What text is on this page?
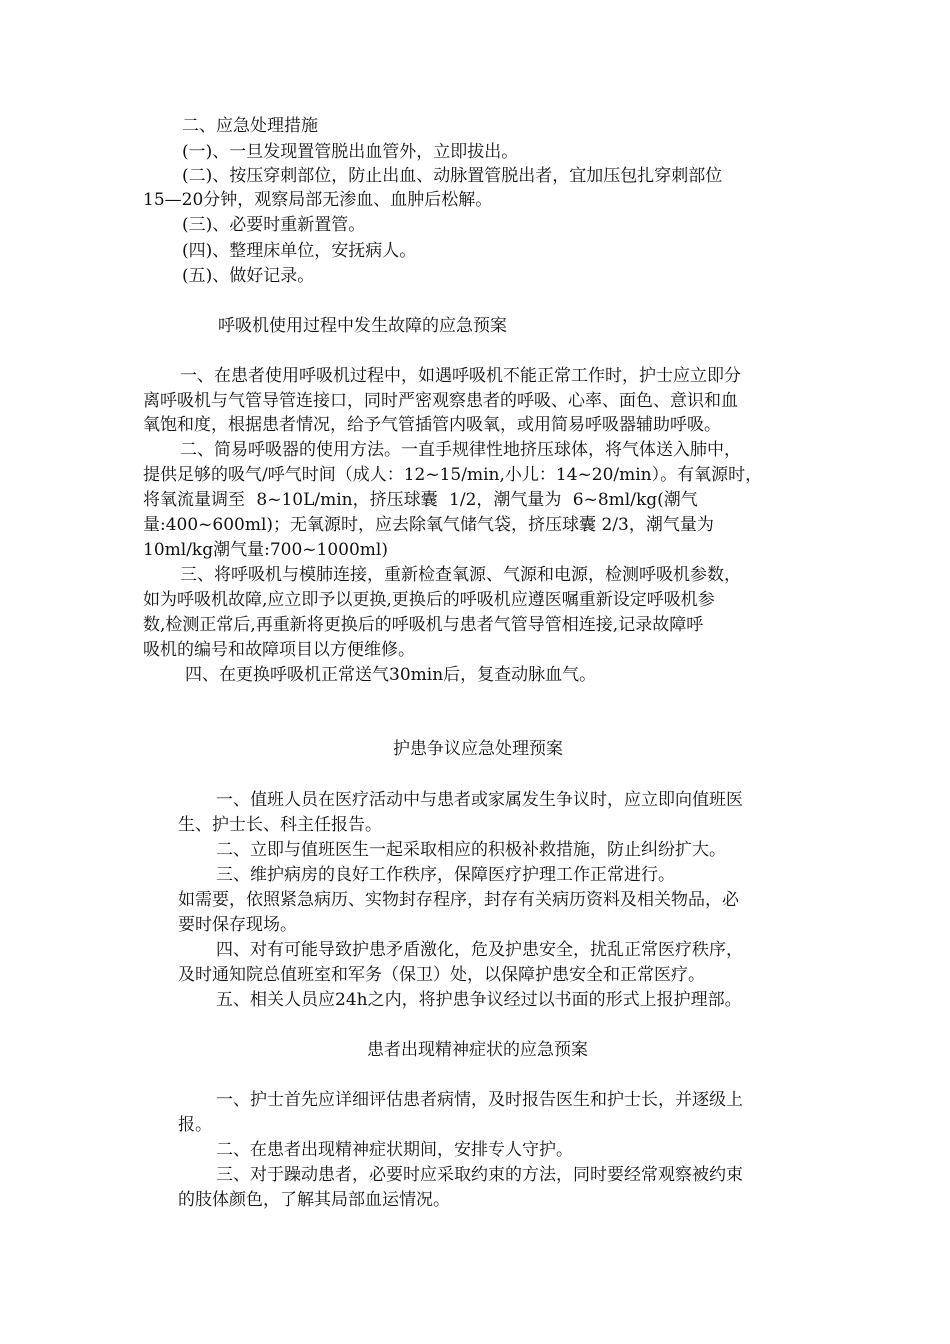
二、应急处理措施

(一)、一旦发现置管脱出血管外，立即拔出。

(二)、按压穿刺部位，防止出血、动脉置管脱出者，宜加压包扎穿刺部位

15—20分钟，观察局部无渗血、血肿后松解。

(三)、必要时重新置管。

(四)、整理床单位，安抚病人。

(五)、做好记录。

呼吸机使用过程中发生故障的应急预案

一、在患者使用呼吸机过程中，如遇呼吸机不能正常工作时，护士应立即分

离呼吸机与气管导管连接口，同时严密观察患者的呼吸、心率、面色、意识和血

氧饱和度，根据患者情况，给予气管插管内吸氧，或用简易呼吸器辅助呼吸。

二、简易呼吸器的使用方法。一直手规律性地挤压球体，将气体送入肺中，

提供足够的吸气/呼气时间（成人：12~15/min,小儿：14~20/min）。有氧源时，

将氧流量调至 8~10L/min，挤压球囊 1/2，潮气量为 6~8ml/kg(潮气

量:400~600ml)；无氧源时，应去除氧气储气袋，挤压球囊 2/3，潮气量为

10ml/kg潮气量:700~1000ml)

三、将呼吸机与模肺连接，重新检查氧源、气源和电源，检测呼吸机参数，

如为呼吸机故障,应立即予以更换,更换后的呼吸机应遵医嘱重新设定呼吸机参

数,检测正常后,再重新将更换后的呼吸机与患者气管导管相连接,记录故障呼

吸机的编号和故障项目以方便维修。

四、在更换呼吸机正常送气30min后，复查动脉血气。

护患争议应急处理预案

一、值班人员在医疗活动中与患者或家属发生争议时，应立即向值班医

生、护士长、科主任报告。

二、立即与值班医生一起采取相应的积极补救措施，防止纠纷扩大。

三、维护病房的良好工作秩序，保障医疗护理工作正常进行。

如需要，依照紧急病历、实物封存程序，封存有关病历资料及相关物品，必

要时保存现场。

四、对有可能导致护患矛盾激化，危及护患安全，扰乱正常医疗秩序，

及时通知院总值班室和军务（保卫）处，以保障护患安全和正常医疗。

五、相关人员应24h之内，将护患争议经过以书面的形式上报护理部。

患者出现精神症状的应急预案

一、护士首先应详细评估患者病情，及时报告医生和护士长，并逐级上

报。

二、在患者出现精神症状期间，安排专人守护。

三、对于躁动患者，必要时应采取约束的方法，同时要经常观察被约束

的肢体颜色，了解其局部血运情况。
